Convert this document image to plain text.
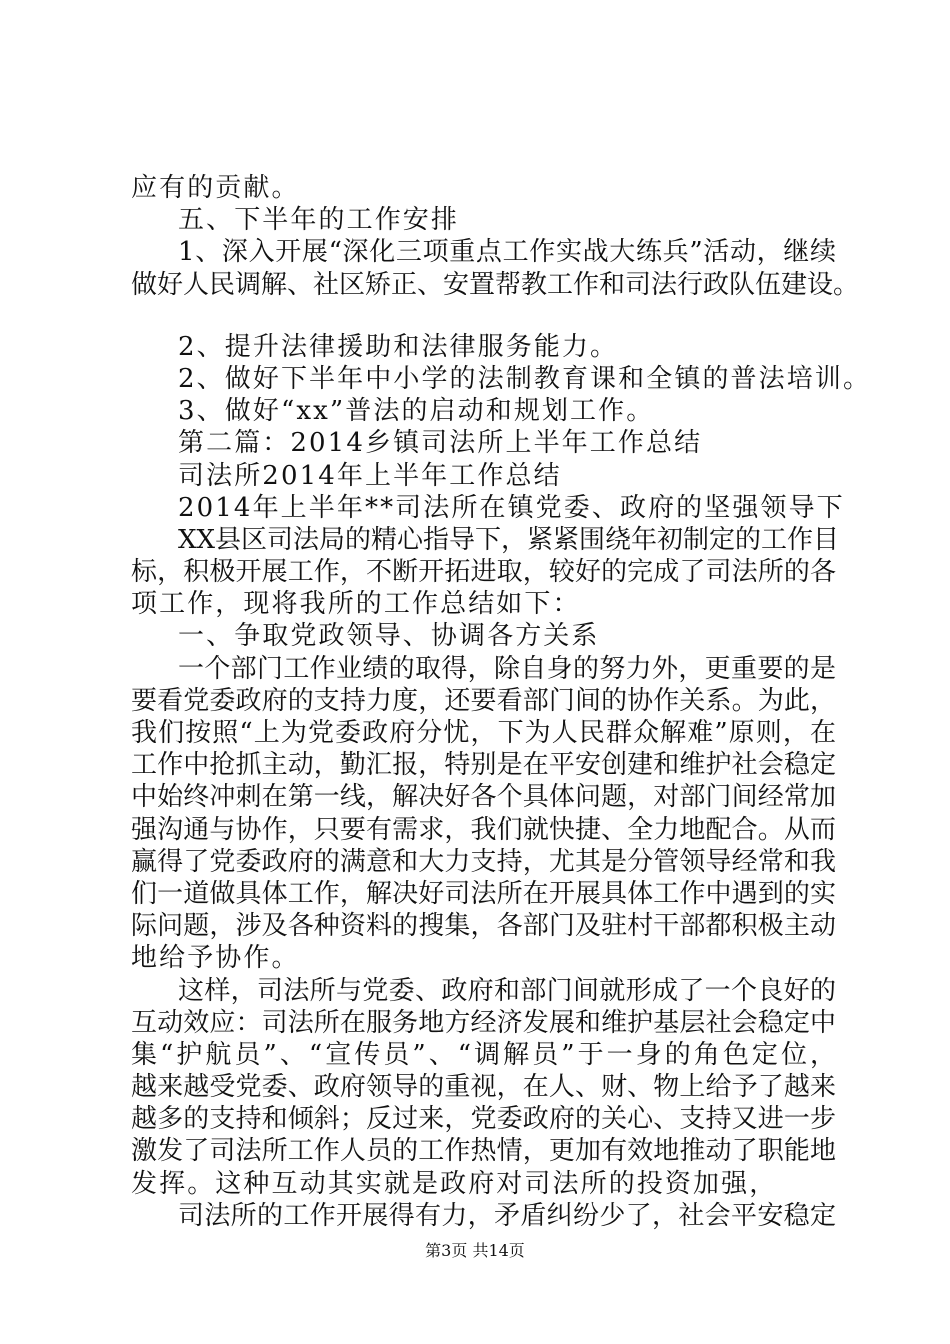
应有的贡献。
五、下半年的工作安排
1、深入开展“深化三项重点工作实战大练兵”活动，继续
做好人民调解、社区矫正、安置帮教工作和司法行政队伍建设。
2、提升法律援助和法律服务能力。
2、做好下半年中小学的法制教育课和全镇的普法培训。
3、做好“xx”普法的启动和规划工作。
第二篇：2014乡镇司法所上半年工作总结
司法所2014年上半年工作总结
2014年上半年**司法所在镇党委、政府的坚强领导下
XX县区司法局的精心指导下，紧紧围绕年初制定的工作目
标，积极开展工作，不断开拓进取，较好的完成了司法所的各
项工作，现将我所的工作总结如下：
一、争取党政领导、协调各方关系
一个部门工作业绩的取得，除自身的努力外，更重要的是
要看党委政府的支持力度，还要看部门间的协作关系。为此，
我们按照“上为党委政府分忧，下为人民群众解难”原则，在
工作中抢抓主动，勤汇报，特别是在平安创建和维护社会稳定
中始终冲刺在第一线，解决好各个具体问题，对部门间经常加
强沟通与协作，只要有需求，我们就快捷、全力地配合。从而
赢得了党委政府的满意和大力支持，尤其是分管领导经常和我
们一道做具体工作，解决好司法所在开展具体工作中遇到的实
际问题，涉及各种资料的搜集，各部门及驻村干部都积极主动
地给予协作。
这样，司法所与党委、政府和部门间就形成了一个良好的
互动效应：司法所在服务地方经济发展和维护基层社会稳定中
集“护航员”、“宣传员”、“调解员”于一身的角色定位，
越来越受党委、政府领导的重视，在人、财、物上给予了越来
越多的支持和倾斜；反过来，党委政府的关心、支持又进一步
激发了司法所工作人员的工作热情，更加有效地推动了职能地
发挥。这种互动其实就是政府对司法所的投资加强，
司法所的工作开展得有力，矛盾纠纷少了，社会平安稳定
第3页 共14页
